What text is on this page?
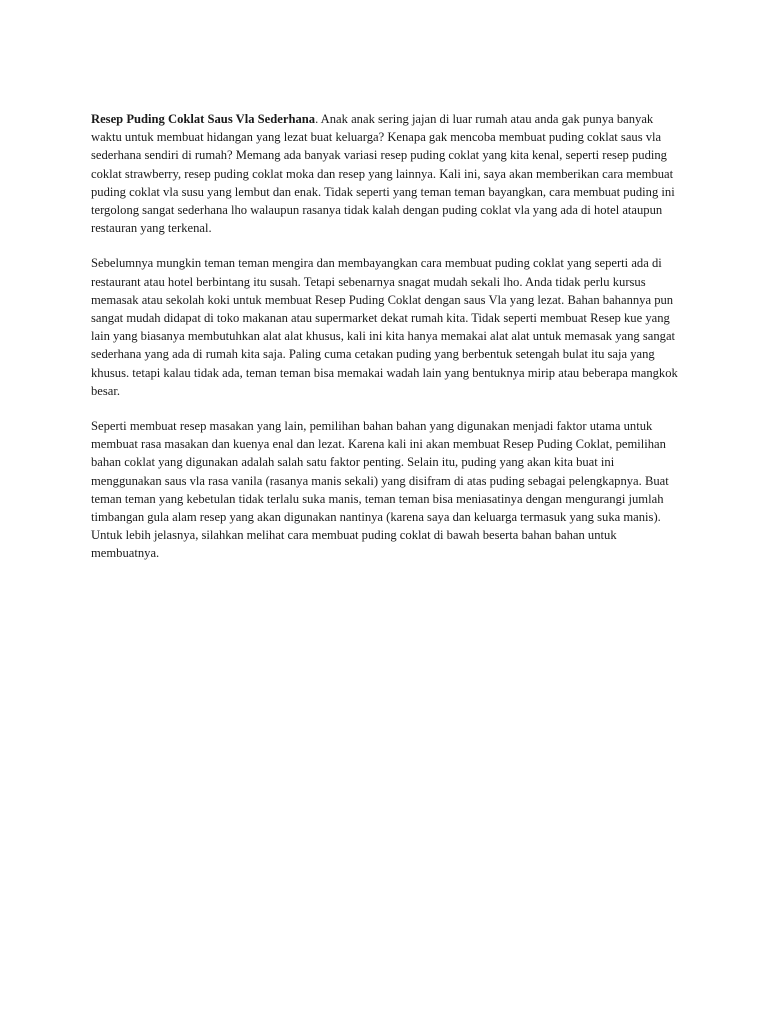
Resep Puding Coklat Saus Vla Sederhana. Anak anak sering jajan di luar rumah atau anda gak punya banyak waktu untuk membuat hidangan yang lezat buat keluarga? Kenapa gak mencoba membuat puding coklat saus vla sederhana sendiri di rumah? Memang ada banyak variasi resep puding coklat yang kita kenal, seperti resep puding coklat strawberry, resep puding coklat moka dan resep yang lainnya. Kali ini, saya akan memberikan cara membuat puding coklat vla susu yang lembut dan enak. Tidak seperti yang teman teman bayangkan, cara membuat puding ini tergolong sangat sederhana lho walaupun rasanya tidak kalah dengan puding coklat vla yang ada di hotel ataupun restauran yang terkenal.

Sebelumnya mungkin teman teman mengira dan membayangkan cara membuat puding coklat yang seperti ada di restaurant atau hotel berbintang itu susah. Tetapi sebenarnya snagat mudah sekali lho. Anda tidak perlu kursus memasak atau sekolah koki untuk membuat Resep Puding Coklat dengan saus Vla yang lezat. Bahan bahannya pun sangat mudah didapat di toko makanan atau supermarket dekat rumah kita. Tidak seperti membuat Resep kue yang lain yang biasanya membutuhkan alat alat khusus, kali ini kita hanya memakai alat alat untuk memasak yang sangat sederhana yang ada di rumah kita saja. Paling cuma cetakan puding yang berbentuk setengah bulat itu saja yang khusus. tetapi kalau tidak ada, teman teman bisa memakai wadah lain yang bentuknya mirip atau beberapa mangkok besar.

Seperti membuat resep masakan yang lain, pemilihan bahan bahan yang digunakan menjadi faktor utama untuk membuat rasa masakan dan kuenya enal dan lezat. Karena kali ini akan membuat Resep Puding Coklat, pemilihan bahan coklat yang digunakan adalah salah satu faktor penting. Selain itu, puding yang akan kita buat ini menggunakan saus vla rasa vanila (rasanya manis sekali) yang disifram di atas puding sebagai pelengkapnya. Buat teman teman yang kebetulan tidak terlalu suka manis, teman teman bisa meniasatinya dengan mengurangi jumlah timbangan gula alam resep yang akan digunakan nantinya (karena saya dan keluarga termasuk yang suka manis). Untuk lebih jelasnya, silahkan melihat cara membuat puding coklat di bawah beserta bahan bahan untuk membuatnya.
